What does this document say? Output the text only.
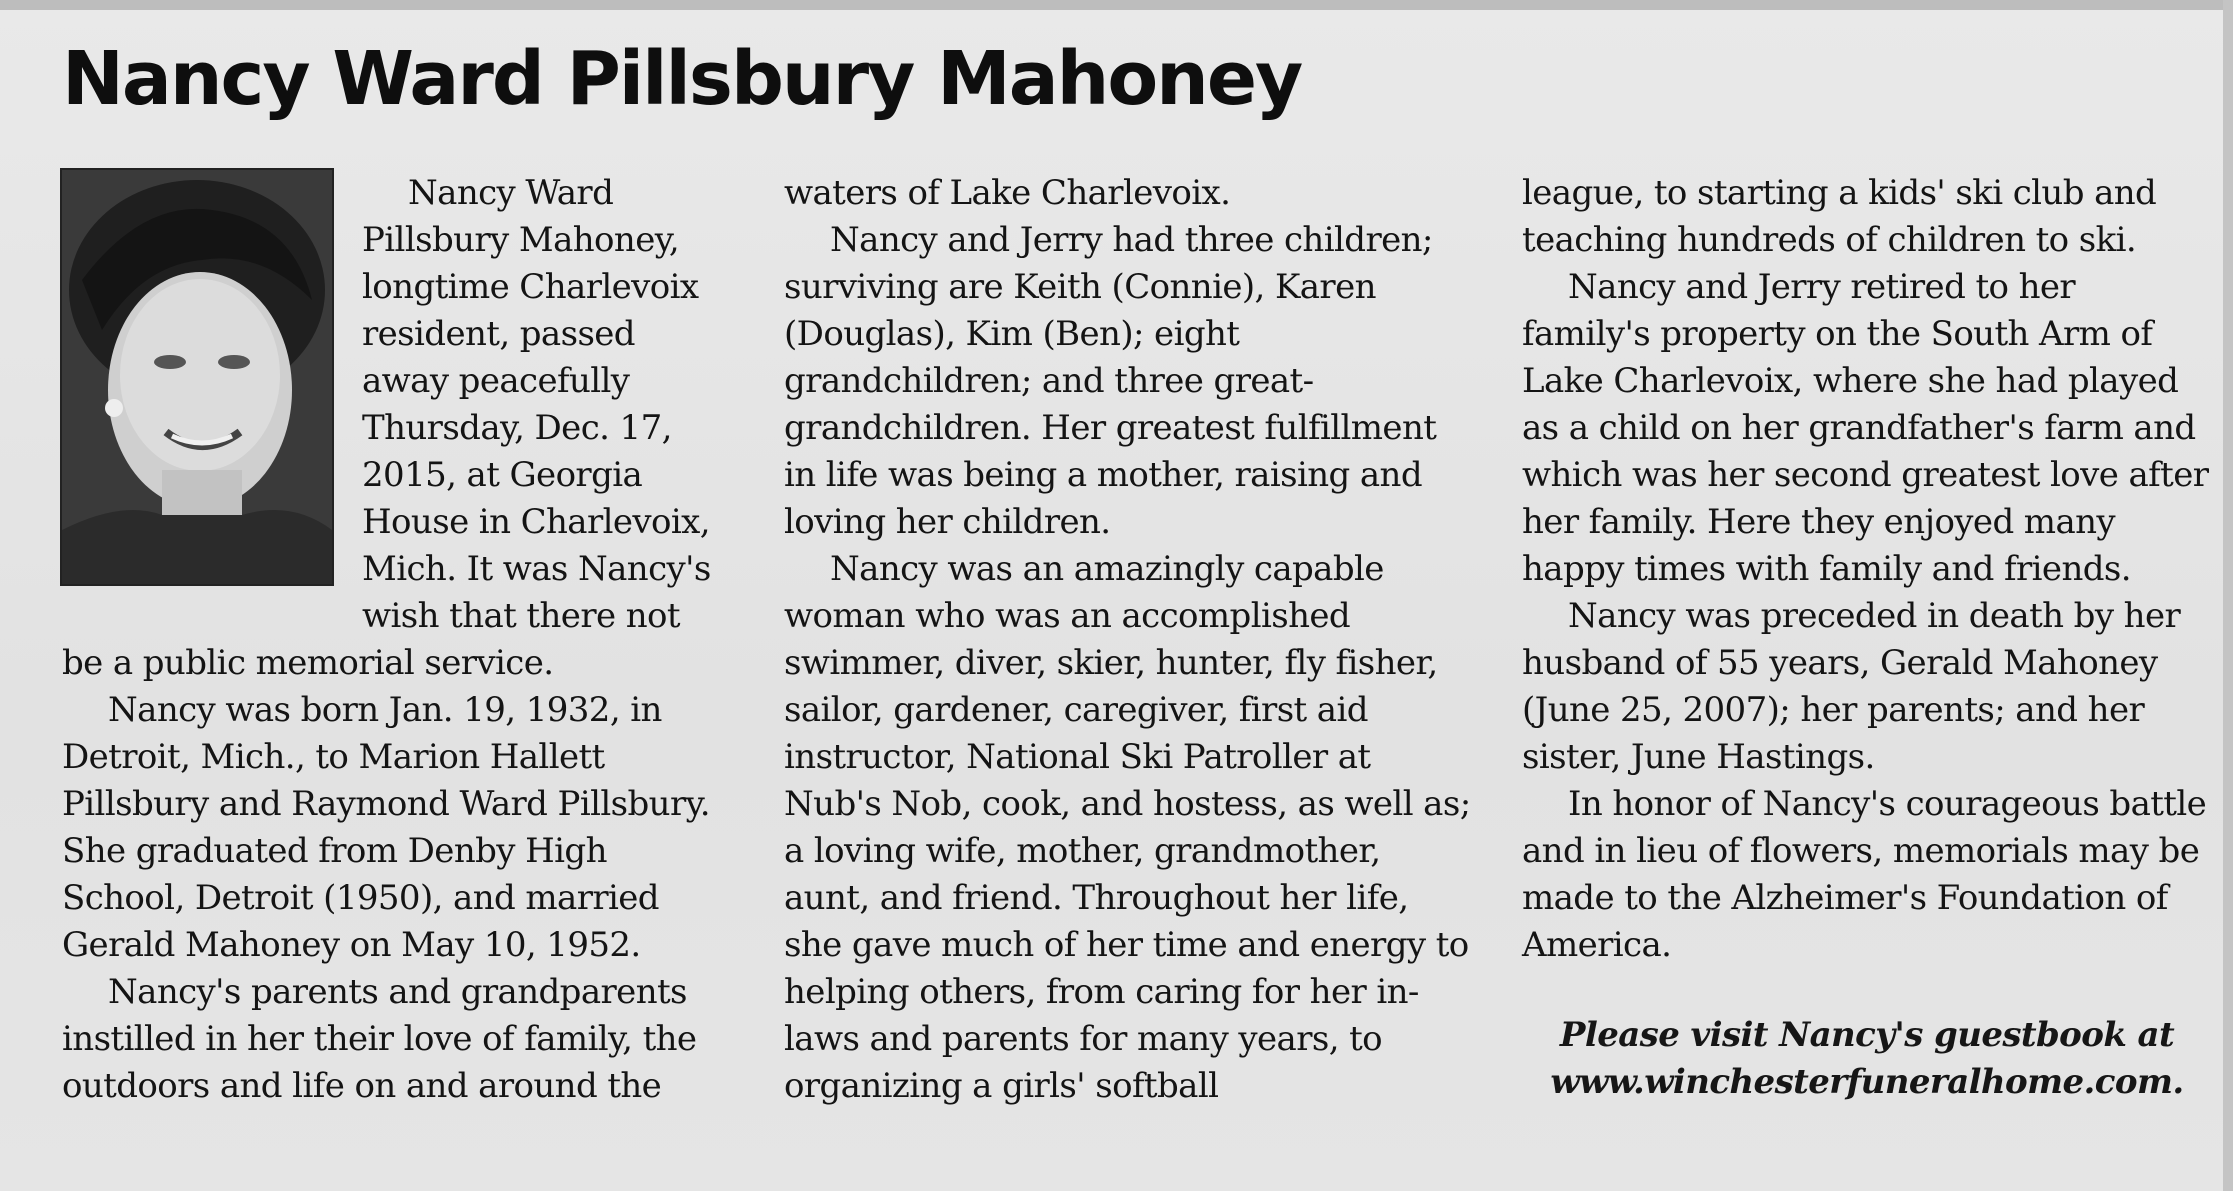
Nancy Ward Pillsbury Mahoney

Nancy Ward Pillsbury Mahoney, longtime Charlevoix resident, passed away peacefully Thursday, Dec. 17, 2015, at Georgia House in Charlevoix, Mich. It was Nancy's wish that there not be a public memorial service.

Nancy was born Jan. 19, 1932, in Detroit, Mich., to Marion Hallett Pillsbury and Raymond Ward Pillsbury. She graduated from Denby High School, Detroit (1950), and married Gerald Mahoney on May 10, 1952.

Nancy's parents and grandparents instilled in her their love of family, the outdoors and life on and around the

waters of Lake Charlevoix.

Nancy and Jerry had three children; surviving are Keith (Connie), Karen (Douglas), Kim (Ben); eight grandchildren; and three great-grandchildren. Her greatest fulfillment in life was being a mother, raising and loving her children.

Nancy was an amazingly capable woman who was an accomplished swimmer, diver, skier, hunter, fly fisher, sailor, gardener, caregiver, first aid instructor, National Ski Patroller at Nub's Nob, cook, and hostess, as well as; a loving wife, mother, grandmother, aunt, and friend. Throughout her life, she gave much of her time and energy to helping others, from caring for her in-laws and parents for many years, to organizing a girls' softball

league, to starting a kids' ski club and teaching hundreds of children to ski.

Nancy and Jerry retired to her family's property on the South Arm of Lake Charlevoix, where she had played as a child on her grandfather's farm and which was her second greatest love after her family. Here they enjoyed many happy times with family and friends.

Nancy was preceded in death by her husband of 55 years, Gerald Mahoney (June 25, 2007); her parents; and her sister, June Hastings.

In honor of Nancy's courageous battle and in lieu of flowers, memorials may be made to the Alzheimer's Foundation of America.

Please visit Nancy's guestbook at
www.winchesterfuneralhome.com.
